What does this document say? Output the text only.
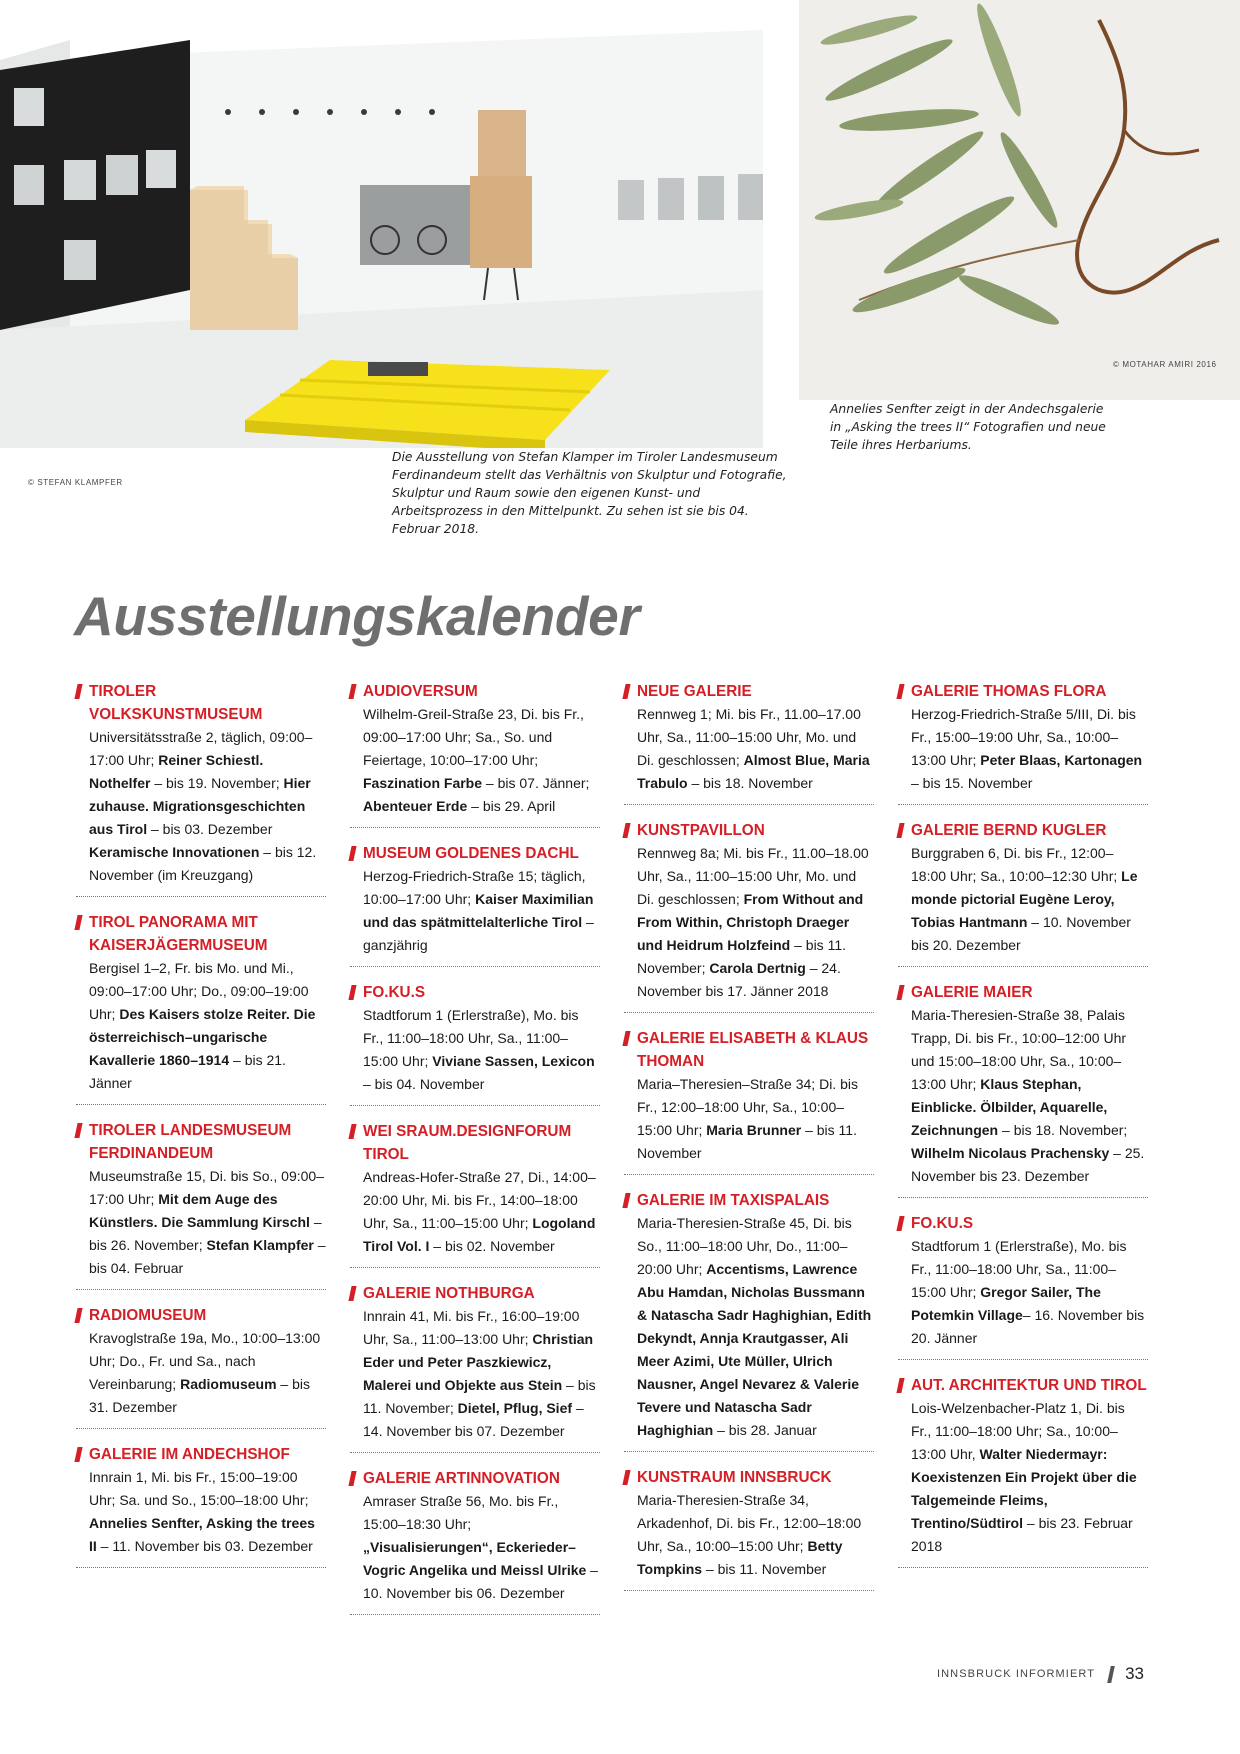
© STEFAN KLAMPFER
© MOTAHAR AMIRI 2016

Die Ausstellung von Stefan Klamper im Tiroler Landesmuseum Ferdinandeum stellt das Verhältnis von Skulptur und Fotografie, Skulptur und Raum sowie den eigenen Kunst- und Arbeitsprozess in den Mittelpunkt. Zu sehen ist sie bis 04. Februar 2018.

Annelies Senfter zeigt in der Andechsgalerie in „Asking the trees II“ Fotografien und neue Teile ihres Herbariums.

Ausstellungskalender
TIROLER VOLKSKUNSTMUSEUM

Universitätsstraße 2, täglich, 09:00–17:00 Uhr; Reiner Schiestl. Nothelfer – bis 19. November; Hier zuhause. Migrationsgeschichten aus Tirol – bis 03. Dezember Keramische Innovationen – bis 12. November (im Kreuzgang)

TIROL PANORAMA MIT KAISERJÄGERMUSEUM

Bergisel 1–2, Fr. bis Mo. und Mi., 09:00–17:00 Uhr; Do., 09:00–19:00 Uhr; Des Kaisers stolze Reiter. Die österreichisch–ungarische Kavallerie 1860–1914 – bis 21. Jänner

TIROLER LANDESMUSEUM FERDINANDEUM

Museumstraße 15, Di. bis So., 09:00–17:00 Uhr; Mit dem Auge des Künstlers. Die Sammlung Kirschl – bis 26. November; Stefan Klampfer – bis 04. Februar

RADIOMUSEUM

Kravoglstraße 19a, Mo., 10:00–13:00 Uhr; Do., Fr. und Sa., nach Vereinbarung; Radiomuseum – bis 31. Dezember

GALERIE IM ANDECHSHOF

Innrain 1, Mi. bis Fr., 15:00–19:00 Uhr; Sa. und So., 15:00–18:00 Uhr; Annelies Senfter, Asking the trees II – 11. November bis 03. Dezember

AUDIOVERSUM

Wilhelm-Greil-Straße 23, Di. bis Fr., 09:00–17:00 Uhr; Sa., So. und Feiertage, 10:00–17:00 Uhr; Faszination Farbe – bis 07. Jänner; Abenteuer Erde – bis 29. April

MUSEUM GOLDENES DACHL

Herzog-Friedrich-Straße 15; täglich, 10:00–17:00 Uhr; Kaiser Maximilian und das spätmittelalterliche Tirol – ganzjährig

FO.KU.S

Stadtforum 1 (Erlerstraße), Mo. bis Fr., 11:00–18:00 Uhr, Sa., 11:00–15:00 Uhr; Viviane Sassen, Lexicon – bis 04. November

WEI SRAUM.DESIGNFORUM TIROL

Andreas-Hofer-Straße 27, Di., 14:00–20:00 Uhr, Mi. bis Fr., 14:00–18:00 Uhr, Sa., 11:00–15:00 Uhr; Logoland Tirol Vol. I – bis 02. November

GALERIE NOTHBURGA

Innrain 41, Mi. bis Fr., 16:00–19:00 Uhr, Sa., 11:00–13:00 Uhr; Christian Eder und Peter Paszkiewicz, Malerei und Objekte aus Stein – bis 11. November; Dietel, Pflug, Sief – 14. November bis 07. Dezember

GALERIE ARTINNOVATION

Amraser Straße 56, Mo. bis Fr., 15:00–18:30 Uhr; „Visualisierungen“, Eckerieder–Vogric Angelika und Meissl Ulrike – 10. November bis 06. Dezember

NEUE GALERIE

Rennweg 1; Mi. bis Fr., 11.00–17.00 Uhr, Sa., 11:00–15:00 Uhr, Mo. und Di. geschlossen; Almost Blue, Maria Trabulo – bis 18. November

KUNSTPAVILLON

Rennweg 8a; Mi. bis Fr., 11.00–18.00 Uhr, Sa., 11:00–15:00 Uhr, Mo. und Di. geschlossen; From Without and From Within, Christoph Draeger und Heidrum Holzfeind – bis 11. November; Carola Dertnig – 24. November bis 17. Jänner 2018

GALERIE ELISABETH & KLAUS THOMAN

Maria–Theresien–Straße 34; Di. bis Fr., 12:00–18:00 Uhr, Sa., 10:00–15:00 Uhr; Maria Brunner – bis 11. November

GALERIE IM TAXISPALAIS

Maria-Theresien-Straße 45, Di. bis So., 11:00–18:00 Uhr, Do., 11:00–20:00 Uhr; Accentisms, Lawrence Abu Hamdan, Nicholas Bussmann & Natascha Sadr Haghighian, Edith Dekyndt, Annja Krautgasser, Ali Meer Azimi, Ute Müller, Ulrich Nausner, Angel Nevarez & Valerie Tevere und Natascha Sadr Haghighian – bis 28. Januar

KUNSTRAUM INNSBRUCK

Maria-Theresien-Straße 34, Arkadenhof, Di. bis Fr., 12:00–18:00 Uhr, Sa., 10:00–15:00 Uhr; Betty Tompkins – bis 11. November

GALERIE THOMAS FLORA

Herzog-Friedrich-Straße 5/III, Di. bis Fr., 15:00–19:00 Uhr, Sa., 10:00–13:00 Uhr; Peter Blaas, Kartonagen – bis 15. November

GALERIE BERND KUGLER

Burggraben 6, Di. bis Fr., 12:00–18:00 Uhr; Sa., 10:00–12:30 Uhr; Le monde pictorial Eugène Leroy, Tobias Hantmann – 10. November bis 20. Dezember

GALERIE MAIER

Maria-Theresien-Straße 38, Palais Trapp, Di. bis Fr., 10:00–12:00 Uhr und 15:00–18:00 Uhr, Sa., 10:00–13:00 Uhr; Klaus Stephan, Einblicke. Ölbilder, Aquarelle, Zeichnungen – bis 18. November; Wilhelm Nicolaus Prachensky – 25. November bis 23. Dezember

FO.KU.S

Stadtforum 1 (Erlerstraße), Mo. bis Fr., 11:00–18:00 Uhr, Sa., 11:00–15:00 Uhr; Gregor Sailer, The Potemkin Village– 16. November bis 20. Jänner

AUT. ARCHITEKTUR UND TIROL

Lois-Welzenbacher-Platz 1, Di. bis Fr., 11:00–18:00 Uhr; Sa., 10:00–13:00 Uhr, Walter Niedermayr: Koexistenzen Ein Projekt über die Talgemeinde Fleims, Trentino/Südtirol – bis 23. Februar 2018

INNSBRUCK INFORMIERT 33
